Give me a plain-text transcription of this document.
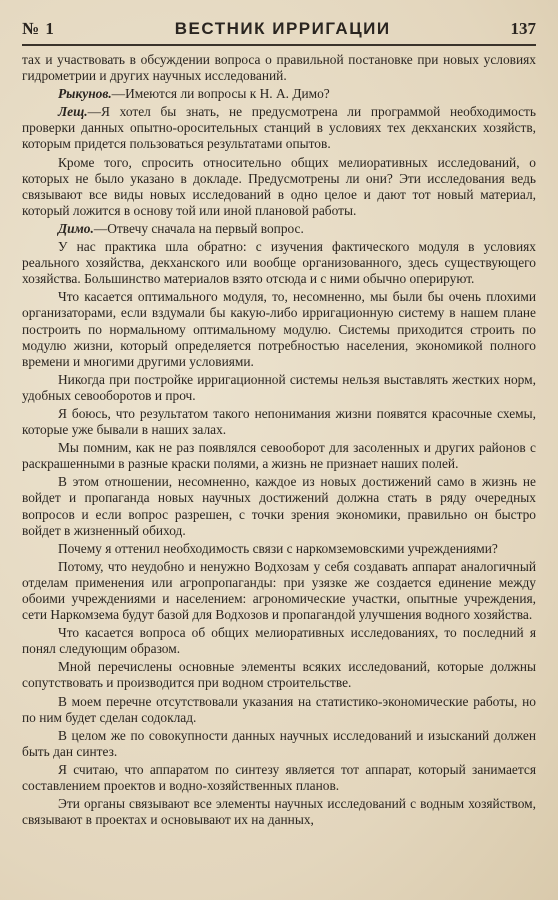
№ 1	ВЕСТНИК ИРРИГАЦИИ	137

тах и участвовать в обсуждении вопроса о правильной постановке при новых условиях гидрометрии и других научных исследований.

Рыкунов.—Имеются ли вопросы к Н. А. Димо?

Лещ.—Я хотел бы знать, не предусмотрена ли программой необходимость проверки данных опытно-оросительных станций в условиях тех декханских хозяйств, которым придется пользоваться результатами опытов.

Кроме того, спросить относительно общих мелиоративных исследований, о которых не было указано в докладе. Предусмотрены ли они? Эти исследования ведь связывают все виды новых исследований в одно целое и дают тот новый материал, который ложится в основу той или иной плановой работы.

Димо.—Отвечу сначала на первый вопрос.

У нас практика шла обратно: с изучения фактического модуля в условиях реального хозяйства, декханского или вообще организованного, здесь существующего хозяйства. Большинство материалов взято отсюда и с ними обычно оперируют.

Что касается оптимального модуля, то, несомненно, мы были бы очень плохими организаторами, если вздумали бы какую-либо ирригационную систему в нашем плане построить по нормальному оптимальному модулю. Системы приходится строить по модулю жизни, который определяется потребностью населения, экономикой полного времени и многими другими условиями.

Никогда при постройке ирригационной системы нельзя выставлять жестких норм, удобных севооборотов и проч.

Я боюсь, что результатом такого непонимания жизни появятся красочные схемы, которые уже бывали в наших залах.

Мы помним, как не раз появлялся севооборот для засоленных и других районов с раскрашенными в разные краски полями, а жизнь не признает наших полей.

В этом отношении, несомненно, каждое из новых достижений само в жизнь не войдет и пропаганда новых научных достижений должна стать в ряду очередных вопросов и если вопрос разрешен, с точки зрения экономики, правильно он быстро войдет в жизненный обиход.

Почему я оттенил необходимость связи с наркомземовскими учреждениями?

Потому, что неудобно и ненужно Водхозам у себя создавать аппарат аналогичный отделам применения или агропропаганды: при узязке же создается единение между обоими учреждениями и населением: агрономические участки, опытные учреждения, сети Наркомзема будут базой для Водхозов и пропагандой улучшения водного хозяйства.

Что касается вопроса об общих мелиоративных исследованиях, то последний я понял следующим образом.

Мной перечислены основные элементы всяких исследований, которые должны сопутствовать и производится при водном строительстве.

В моем перечне отсутствовали указания на статистико-экономические работы, но по ним будет сделан содоклад.

В целом же по совокупности данных научных исследований и изысканий должен быть дан синтез.

Я считаю, что аппаратом по синтезу является тот аппарат, который занимается составлением проектов и водно-хозяйственных планов.

Эти органы связывают все элементы научных исследований с водным хозяйством, связывают в проектах и основывают их на данных,
